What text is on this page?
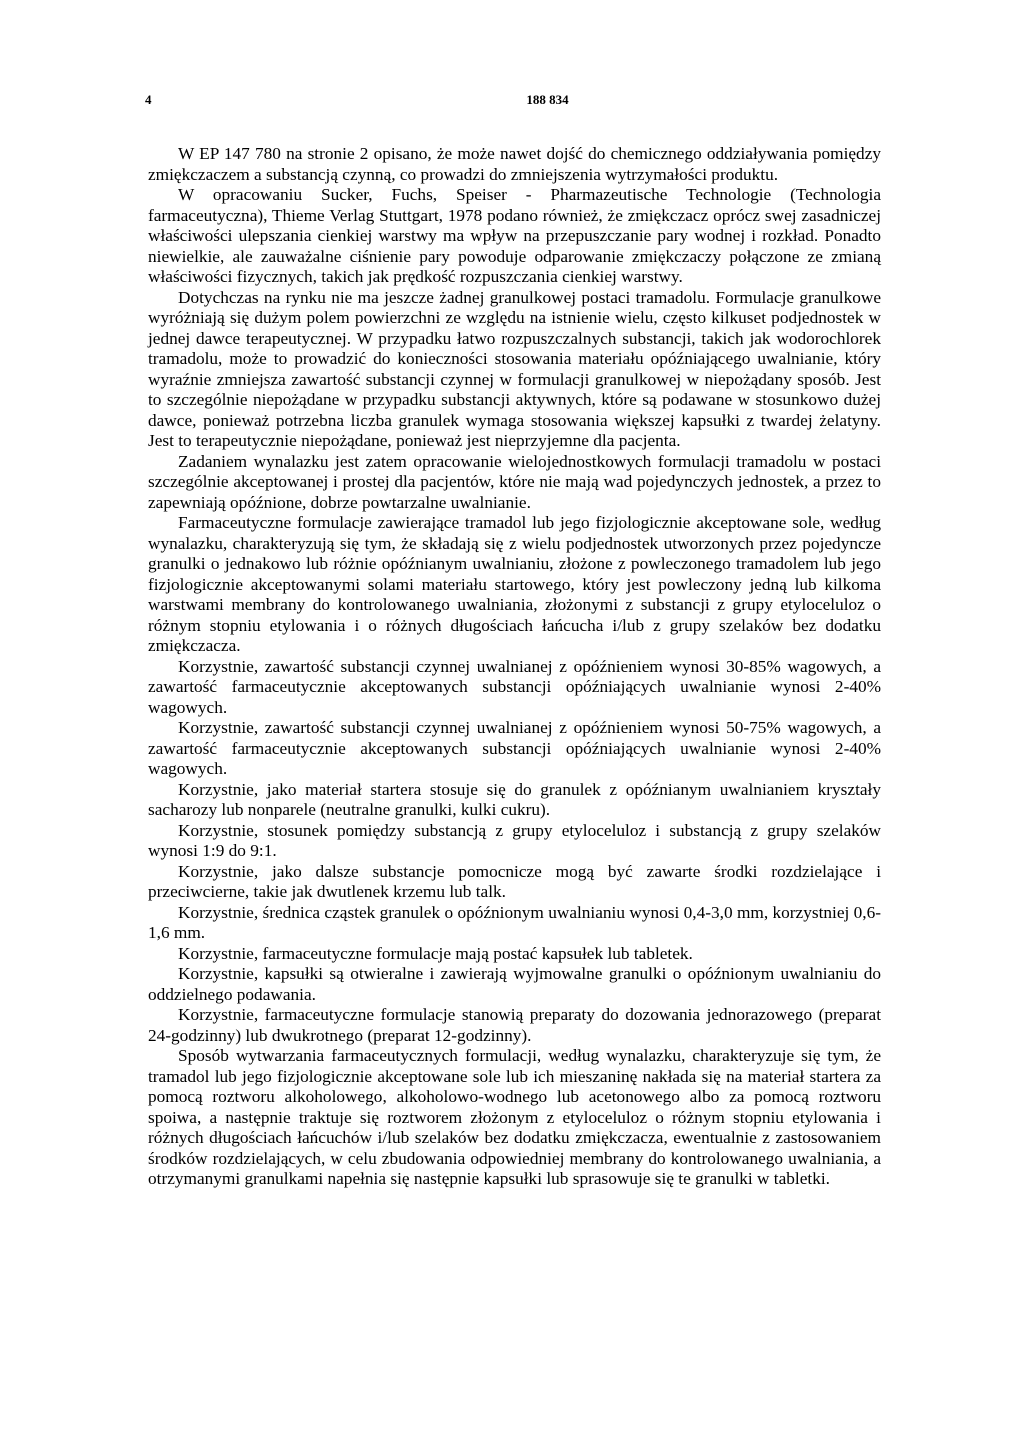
4	188 834

W EP 147 780 na stronie 2 opisano, że może nawet dojść do chemicznego oddziaływania pomiędzy zmiękczaczem a substancją czynną, co prowadzi do zmniejszenia wytrzymałości produktu.

W opracowaniu Sucker, Fuchs, Speiser - Pharmazeutische Technologie (Technologia farmaceutyczna), Thieme Verlag Stuttgart, 1978 podano również, że zmiękczacz oprócz swej zasadniczej właściwości ulepszania cienkiej warstwy ma wpływ na przepuszczanie pary wodnej i rozkład. Ponadto niewielkie, ale zauważalne ciśnienie pary powoduje odparowanie zmiękczaczy połączone ze zmianą właściwości fizycznych, takich jak prędkość rozpuszczania cienkiej warstwy.

Dotychczas na rynku nie ma jeszcze żadnej granulkowej postaci tramadolu. Formulacje granulkowe wyróżniają się dużym polem powierzchni ze względu na istnienie wielu, często kilkuset podjednostek w jednej dawce terapeutycznej. W przypadku łatwo rozpuszczalnych substancji, takich jak wodorochlorek tramadolu, może to prowadzić do konieczności stosowania materiału opóźniającego uwalnianie, który wyraźnie zmniejsza zawartość substancji czynnej w formulacji granulkowej w niepożądany sposób. Jest to szczególnie niepożądane w przypadku substancji aktywnych, które są podawane w stosunkowo dużej dawce, ponieważ potrzebna liczba granulek wymaga stosowania większej kapsułki z twardej żelatyny. Jest to terapeutycznie niepożądane, ponieważ jest nieprzyjemne dla pacjenta.

Zadaniem wynalazku jest zatem opracowanie wielojednostkowych formulacji tramadolu w postaci szczególnie akceptowanej i prostej dla pacjentów, które nie mają wad pojedynczych jednostek, a przez to zapewniają opóźnione, dobrze powtarzalne uwalnianie.

Farmaceutyczne formulacje zawierające tramadol lub jego fizjologicznie akceptowane sole, według wynalazku, charakteryzują się tym, że składają się z wielu podjednostek utworzonych przez pojedyncze granulki o jednakowo lub różnie opóźnianym uwalnianiu, złożone z powleczonego tramadolem lub jego fizjologicznie akceptowanymi solami materiału startowego, który jest powleczony jedną lub kilkoma warstwami membrany do kontrolowanego uwalniania, złożonymi z substancji z grupy etyloceluloz o różnym stopniu etylowania i o różnych długościach łańcucha i/lub z grupy szelaków bez dodatku zmiękczacza.

Korzystnie, zawartość substancji czynnej uwalnianej z opóźnieniem wynosi 30-85% wagowych, a zawartość farmaceutycznie akceptowanych substancji opóźniających uwalnianie wynosi 2-40% wagowych.

Korzystnie, zawartość substancji czynnej uwalnianej z opóźnieniem wynosi 50-75% wagowych, a zawartość farmaceutycznie akceptowanych substancji opóźniających uwalnianie wynosi 2-40% wagowych.

Korzystnie, jako materiał startera stosuje się do granulek z opóźnianym uwalnianiem kryształy sacharozy lub nonparele (neutralne granulki, kulki cukru).

Korzystnie, stosunek pomiędzy substancją z grupy etyloceluloz i substancją z grupy szelaków wynosi 1:9 do 9:1.

Korzystnie, jako dalsze substancje pomocnicze mogą być zawarte środki rozdzielające i przeciwcierne, takie jak dwutlenek krzemu lub talk.

Korzystnie, średnica cząstek granulek o opóźnionym uwalnianiu wynosi 0,4-3,0 mm, korzystniej 0,6-1,6 mm.

Korzystnie, farmaceutyczne formulacje mają postać kapsułek lub tabletek.

Korzystnie, kapsułki są otwieralne i zawierają wyjmowalne granulki o opóźnionym uwalnianiu do oddzielnego podawania.

Korzystnie, farmaceutyczne formulacje stanowią preparaty do dozowania jednorazowego (preparat 24-godzinny) lub dwukrotnego (preparat 12-godzinny).

Sposób wytwarzania farmaceutycznych formulacji, według wynalazku, charakteryzuje się tym, że tramadol lub jego fizjologicznie akceptowane sole lub ich mieszaninę nakłada się na materiał startera za pomocą roztworu alkoholowego, alkoholowo-wodnego lub acetonowego albo za pomocą roztworu spoiwa, a następnie traktuje się roztworem złożonym z etyloceluloz o różnym stopniu etylowania i różnych długościach łańcuchów i/lub szelaków bez dodatku zmiękczacza, ewentualnie z zastosowaniem środków rozdzielających, w celu zbudowania odpowiedniej membrany do kontrolowanego uwalniania, a otrzymanymi granulkami napełnia się następnie kapsułki lub sprasowuje się te granulki w tabletki.
